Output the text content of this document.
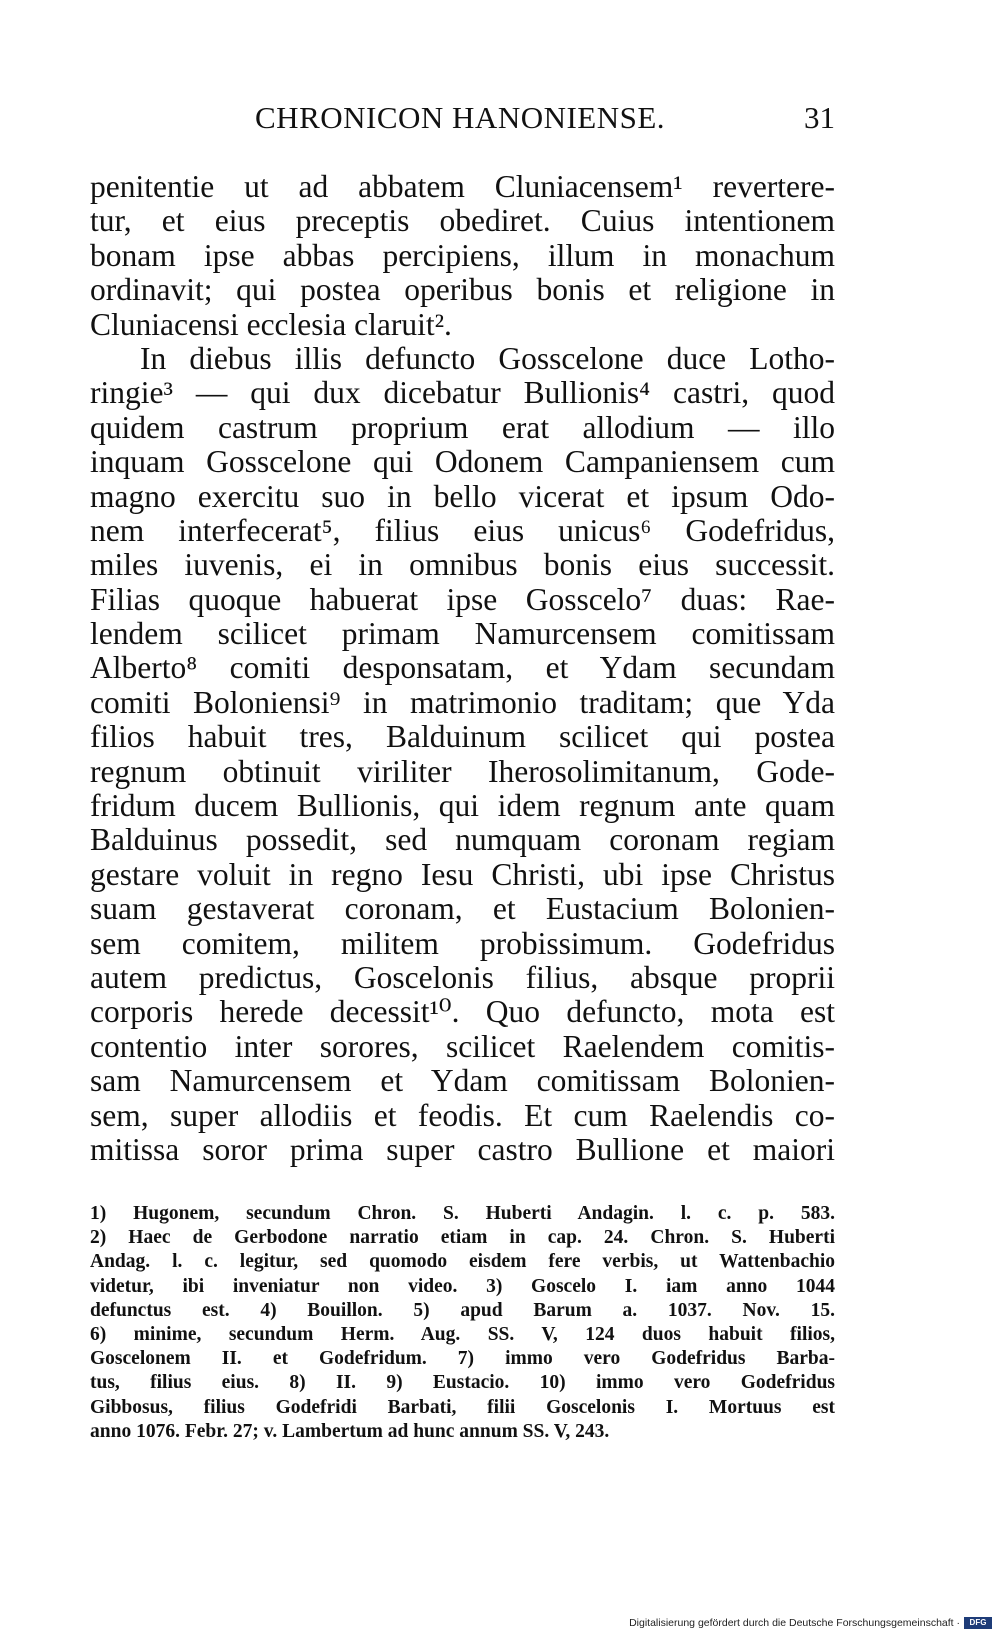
CHRONICON HANONIENSE.	31
penitentie ut ad abbatem Cluniacensem¹ revertere-
tur, et eius preceptis obediret. Cuius intentionem
bonam ipse abbas percipiens, illum in monachum
ordinavit; qui postea operibus bonis et religione in
Cluniacensi ecclesia claruit².
In diebus illis defuncto Gosscelone duce Lotho-
ringie³ — qui dux dicebatur Bullionis⁴ castri, quod
quidem castrum proprium erat allodium — illo
inquam Gosscelone qui Odonem Campaniensem cum
magno exercitu suo in bello vicerat et ipsum Odo-
nem interfecerat⁵, filius eius unicus⁶ Godefridus,
miles iuvenis, ei in omnibus bonis eius successit.
Filias quoque habuerat ipse Gosscelo⁷ duas: Rae-
lendem scilicet primam Namurcensem comitissam
Alberto⁸ comiti desponsatam, et Ydam secundam
comiti Boloniensi⁹ in matrimonio traditam; que Yda
filios habuit tres, Balduinum scilicet qui postea
regnum obtinuit viriliter Iherosolimitanum, Gode-
fridum ducem Bullionis, qui idem regnum ante quam
Balduinus possedit, sed numquam coronam regiam
gestare voluit in regno Iesu Christi, ubi ipse Christus
suam gestaverat coronam, et Eustacium Bolonien-
sem comitem, militem probissimum. Godefridus
autem predictus, Goscelonis filius, absque proprii
corporis herede decessit¹⁰. Quo defuncto, mota est
contentio inter sorores, scilicet Raelendem comitis-
sam Namurcensem et Ydam comitissam Bolonien-
sem, super allodiis et feodis. Et cum Raelendis co-
mitissa soror prima super castro Bullione et maiori
1) Hugonem, secundum Chron. S. Huberti Andagin. l. c. p. 583.
2) Haec de Gerbodone narratio etiam in cap. 24. Chron. S. Huberti
Andag. l. c. legitur, sed quomodo eisdem fere verbis, ut Wattenbachio
videtur, ibi inveniatur non video. 3) Goscelo I. iam anno 1044
defunctus est. 4) Bouillon. 5) apud Barum a. 1037. Nov. 15.
6) minime, secundum Herm. Aug. SS. V, 124 duos habuit filios,
Goscelonem II. et Godefridum. 7) immo vero Godefridus Barba-
tus, filius eius. 8) II. 9) Eustacio. 10) immo vero Godefridus
Gibbosus, filius Godefridi Barbati, filii Goscelonis I. Mortuus est
anno 1076. Febr. 27; v. Lambertum ad hunc annum SS. V, 243.
Digitalisierung gefördert durch die Deutsche Forschungsgemeinschaft ·	DFG
